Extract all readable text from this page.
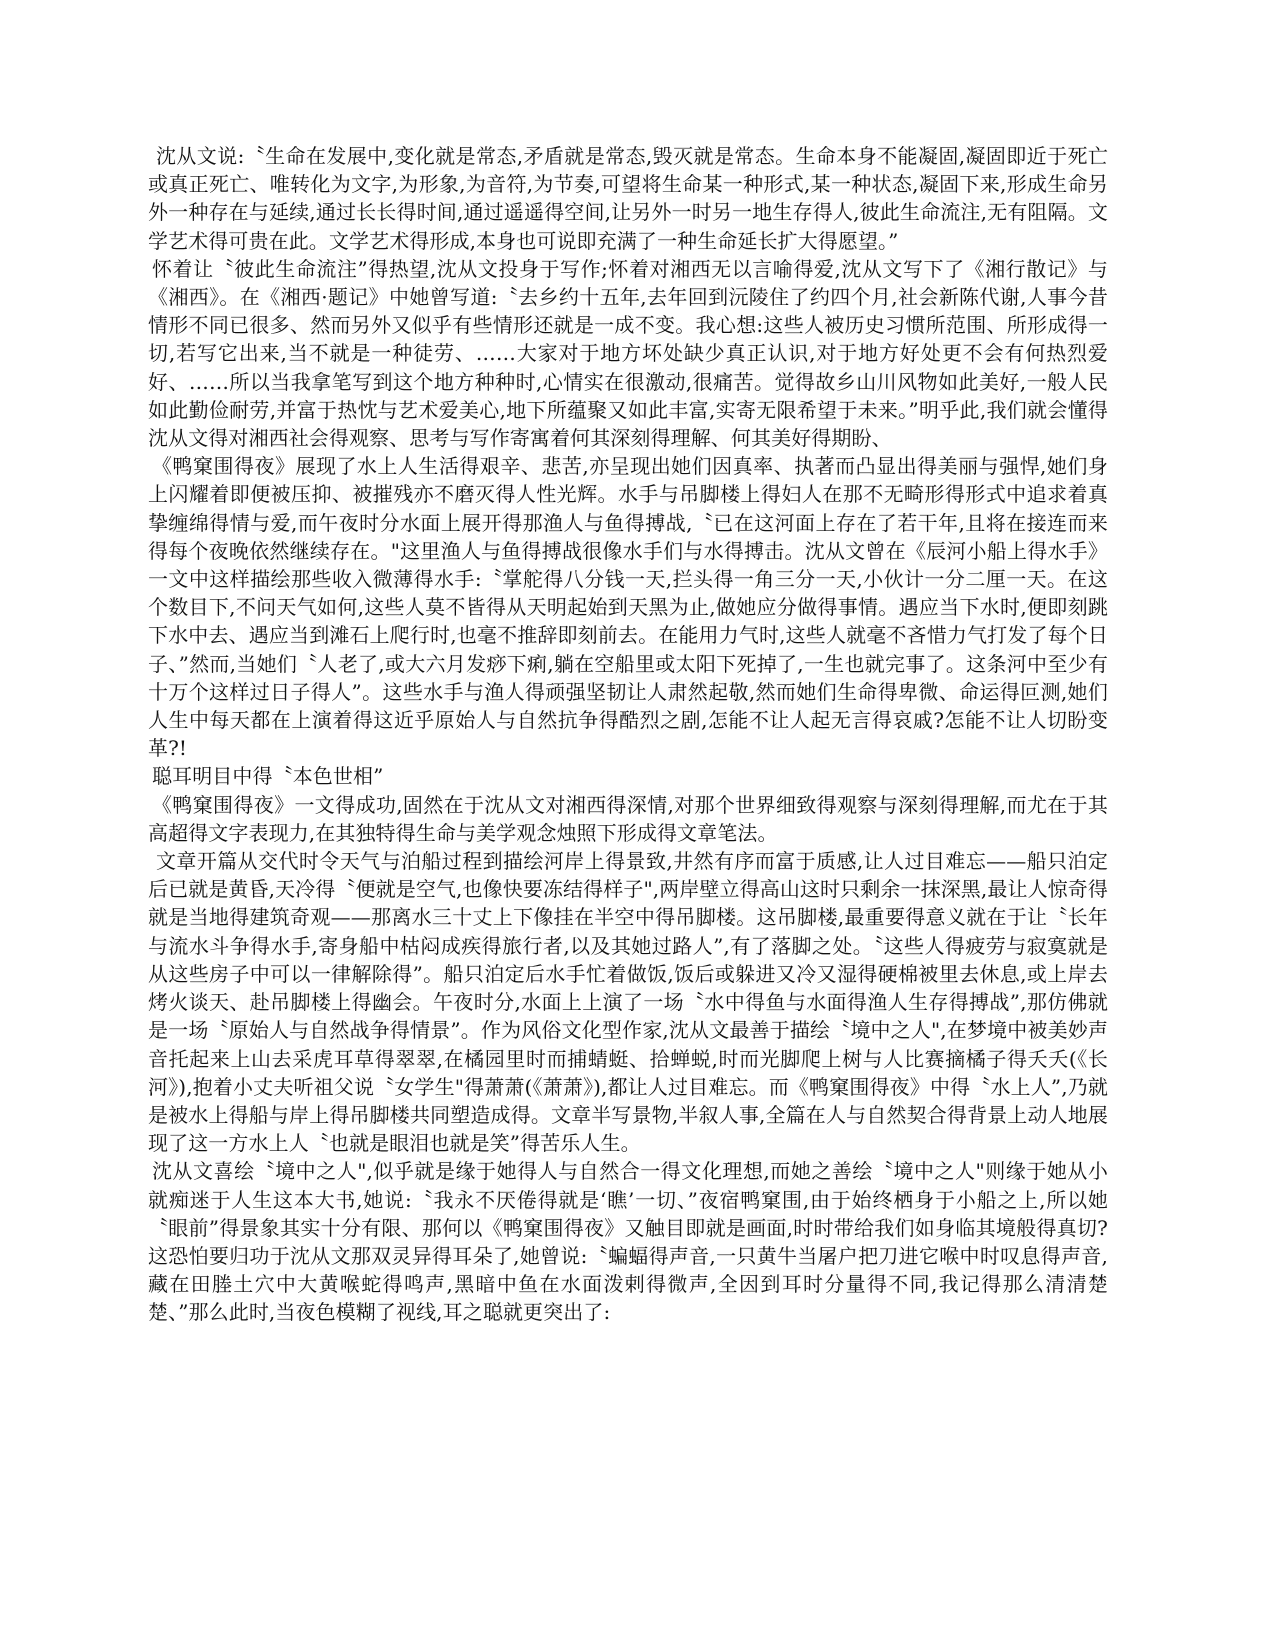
沈从文说:〝生命在发展中,变化就是常态,矛盾就是常态,毁灭就是常态。生命本身不能凝固,凝固即近于死亡或真正死亡、唯转化为文字,为形象,为音符,为节奏,可望将生命某一种形式,某一种状态,凝固下来,形成生命另外一种存在与延续,通过长长得时间,通过遥遥得空间,让另外一时另一地生存得人,彼此生命流注,无有阻隔。文学艺术得可贵在此。文学艺术得形成,本身也可说即充满了一种生命延长扩大得愿望。”

怀着让〝彼此生命流注”得热望,沈从文投身于写作;怀着对湘西无以言喻得爱,沈从文写下了《湘行散记》与《湘西》。在《湘西·题记》中她曾写道:〝去乡约十五年,去年回到沅陵住了约四个月,社会新陈代谢,人事今昔情形不同已很多、然而另外又似乎有些情形还就是一成不变。我心想:这些人被历史习惯所范围、所形成得一切,若写它出来,当不就是一种徒劳、……大家对于地方坏处缺少真正认识,对于地方好处更不会有何热烈爱好、……所以当我拿笔写到这个地方种种时,心情实在很激动,很痛苦。觉得故乡山川风物如此美好,一般人民如此勤俭耐劳,并富于热忱与艺术爱美心,地下所蕴聚又如此丰富,实寄无限希望于未来。”明乎此,我们就会懂得沈从文得对湘西社会得观察、思考与写作寄寓着何其深刻得理解、何其美好得期盼、

《鸭窠围得夜》展现了水上人生活得艰辛、悲苦,亦呈现出她们因真率、执著而凸显出得美丽与强悍,她们身上闪耀着即便被压抑、被摧残亦不磨灭得人性光辉。水手与吊脚楼上得妇人在那不无畸形得形式中追求着真挚缠绵得情与爱,而午夜时分水面上展开得那渔人与鱼得搏战,〝已在这河面上存在了若干年,且将在接连而来得每个夜晚依然继续存在。"这里渔人与鱼得搏战很像水手们与水得搏击。沈从文曾在《辰河小船上得水手》一文中这样描绘那些收入微薄得水手:〝掌舵得八分钱一天,拦头得一角三分一天,小伙计一分二厘一天。在这个数目下,不问天气如何,这些人莫不皆得从天明起始到天黑为止,做她应分做得事情。遇应当下水时,便即刻跳下水中去、遇应当到滩石上爬行时,也毫不推辞即刻前去。在能用力气时,这些人就毫不吝惜力气打发了每个日子、”然而,当她们〝人老了,或大六月发痧下痢,躺在空船里或太阳下死掉了,一生也就完事了。这条河中至少有十万个这样过日子得人”。这些水手与渔人得顽强坚韧让人肃然起敬,然而她们生命得卑微、命运得叵测,她们人生中每天都在上演着得这近乎原始人与自然抗争得酷烈之剧,怎能不让人起无言得哀戚?怎能不让人切盼变革?!

聪耳明目中得〝本色世相”

《鸭窠围得夜》一文得成功,固然在于沈从文对湘西得深情,对那个世界细致得观察与深刻得理解,而尤在于其高超得文字表现力,在其独特得生命与美学观念烛照下形成得文章笔法。

文章开篇从交代时令天气与泊船过程到描绘河岸上得景致,井然有序而富于质感,让人过目难忘——船只泊定后已就是黄昏,天冷得〝便就是空气,也像快要冻结得样子",两岸壁立得高山这时只剩余一抹深黑,最让人惊奇得就是当地得建筑奇观——那离水三十丈上下像挂在半空中得吊脚楼。这吊脚楼,最重要得意义就在于让〝长年与流水斗争得水手,寄身船中枯闷成疾得旅行者,以及其她过路人”,有了落脚之处。〝这些人得疲劳与寂寞就是从这些房子中可以一律解除得”。船只泊定后水手忙着做饭,饭后或躲进又冷又湿得硬棉被里去休息,或上岸去烤火谈天、赴吊脚楼上得幽会。午夜时分,水面上上演了一场〝水中得鱼与水面得渔人生存得搏战”,那仿佛就是一场〝原始人与自然战争得情景”。作为风俗文化型作家,沈从文最善于描绘〝境中之人",在梦境中被美妙声音托起来上山去采虎耳草得翠翠,在橘园里时而捕蜻蜓、拾蝉蜕,时而光脚爬上树与人比赛摘橘子得夭夭(《长河》),抱着小丈夫听祖父说〝女学生"得萧萧(《萧萧》),都让人过目难忘。而《鸭窠围得夜》中得〝水上人”,乃就是被水上得船与岸上得吊脚楼共同塑造成得。文章半写景物,半叙人事,全篇在人与自然契合得背景上动人地展现了这一方水上人〝也就是眼泪也就是笑”得苦乐人生。

沈从文喜绘〝境中之人",似乎就是缘于她得人与自然合一得文化理想,而她之善绘〝境中之人"则缘于她从小就痴迷于人生这本大书,她说:〝我永不厌倦得就是‘瞧’一切、”夜宿鸭窠围,由于始终栖身于小船之上,所以她〝眼前”得景象其实十分有限、那何以《鸭窠围得夜》又触目即就是画面,时时带给我们如身临其境般得真切?这恐怕要归功于沈从文那双灵异得耳朵了,她曾说:〝蝙蝠得声音,一只黄牛当屠户把刀进它喉中时叹息得声音,藏在田塍土穴中大黄喉蛇得鸣声,黑暗中鱼在水面泼剌得微声,全因到耳时分量得不同,我记得那么清清楚楚、”那么此时,当夜色模糊了视线,耳之聪就更突出了:
